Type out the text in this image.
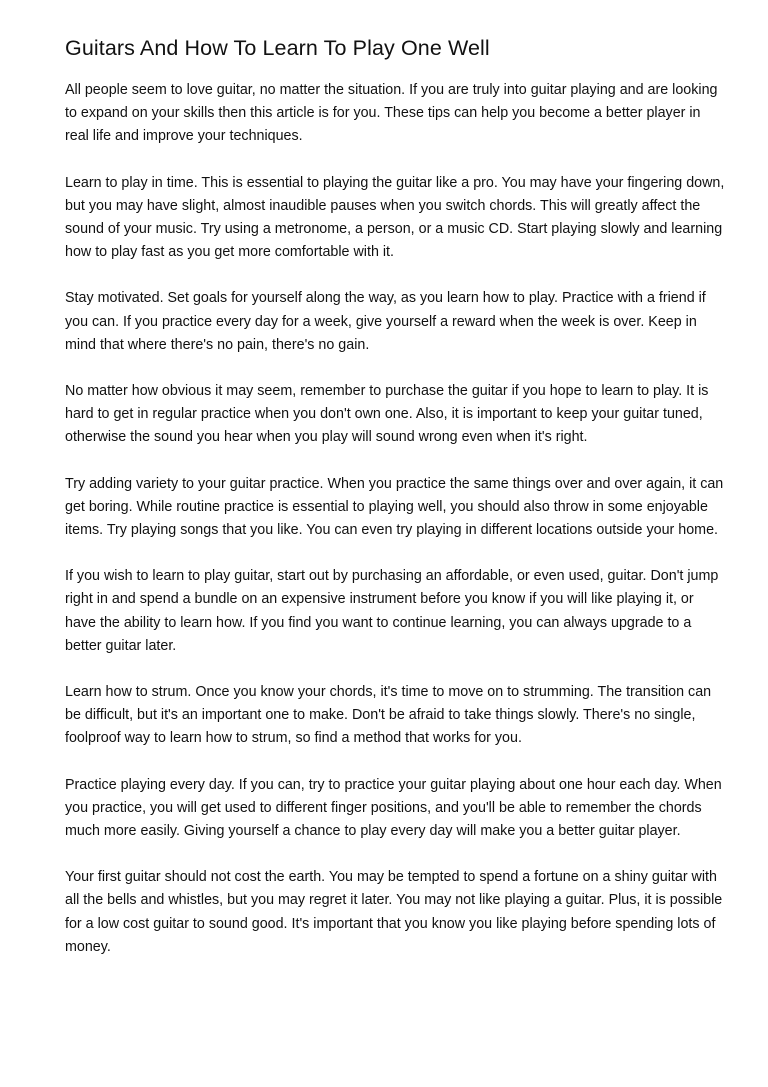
Guitars And How To Learn To Play One Well

All people seem to love guitar, no matter the situation. If you are truly into guitar playing and are looking to expand on your skills then this article is for you. These tips can help you become a better player in real life and improve your techniques.

Learn to play in time. This is essential to playing the guitar like a pro. You may have your fingering down, but you may have slight, almost inaudible pauses when you switch chords. This will greatly affect the sound of your music. Try using a metronome, a person, or a music CD. Start playing slowly and learning how to play fast as you get more comfortable with it.

Stay motivated. Set goals for yourself along the way, as you learn how to play. Practice with a friend if you can. If you practice every day for a week, give yourself a reward when the week is over. Keep in mind that where there's no pain, there's no gain.

No matter how obvious it may seem, remember to purchase the guitar if you hope to learn to play. It is hard to get in regular practice when you don't own one. Also, it is important to keep your guitar tuned, otherwise the sound you hear when you play will sound wrong even when it's right.

Try adding variety to your guitar practice. When you practice the same things over and over again, it can get boring. While routine practice is essential to playing well, you should also throw in some enjoyable items. Try playing songs that you like. You can even try playing in different locations outside your home.

If you wish to learn to play guitar, start out by purchasing an affordable, or even used, guitar. Don't jump right in and spend a bundle on an expensive instrument before you know if you will like playing it, or have the ability to learn how. If you find you want to continue learning, you can always upgrade to a better guitar later.

Learn how to strum. Once you know your chords, it's time to move on to strumming. The transition can be difficult, but it's an important one to make. Don't be afraid to take things slowly. There's no single, foolproof way to learn how to strum, so find a method that works for you.

Practice playing every day. If you can, try to practice your guitar playing about one hour each day. When you practice, you will get used to different finger positions, and you'll be able to remember the chords much more easily. Giving yourself a chance to play every day will make you a better guitar player.

Your first guitar should not cost the earth. You may be tempted to spend a fortune on a shiny guitar with all the bells and whistles, but you may regret it later. You may not like playing a guitar. Plus, it is possible for a low cost guitar to sound good. It's important that you know you like playing before spending lots of money.
